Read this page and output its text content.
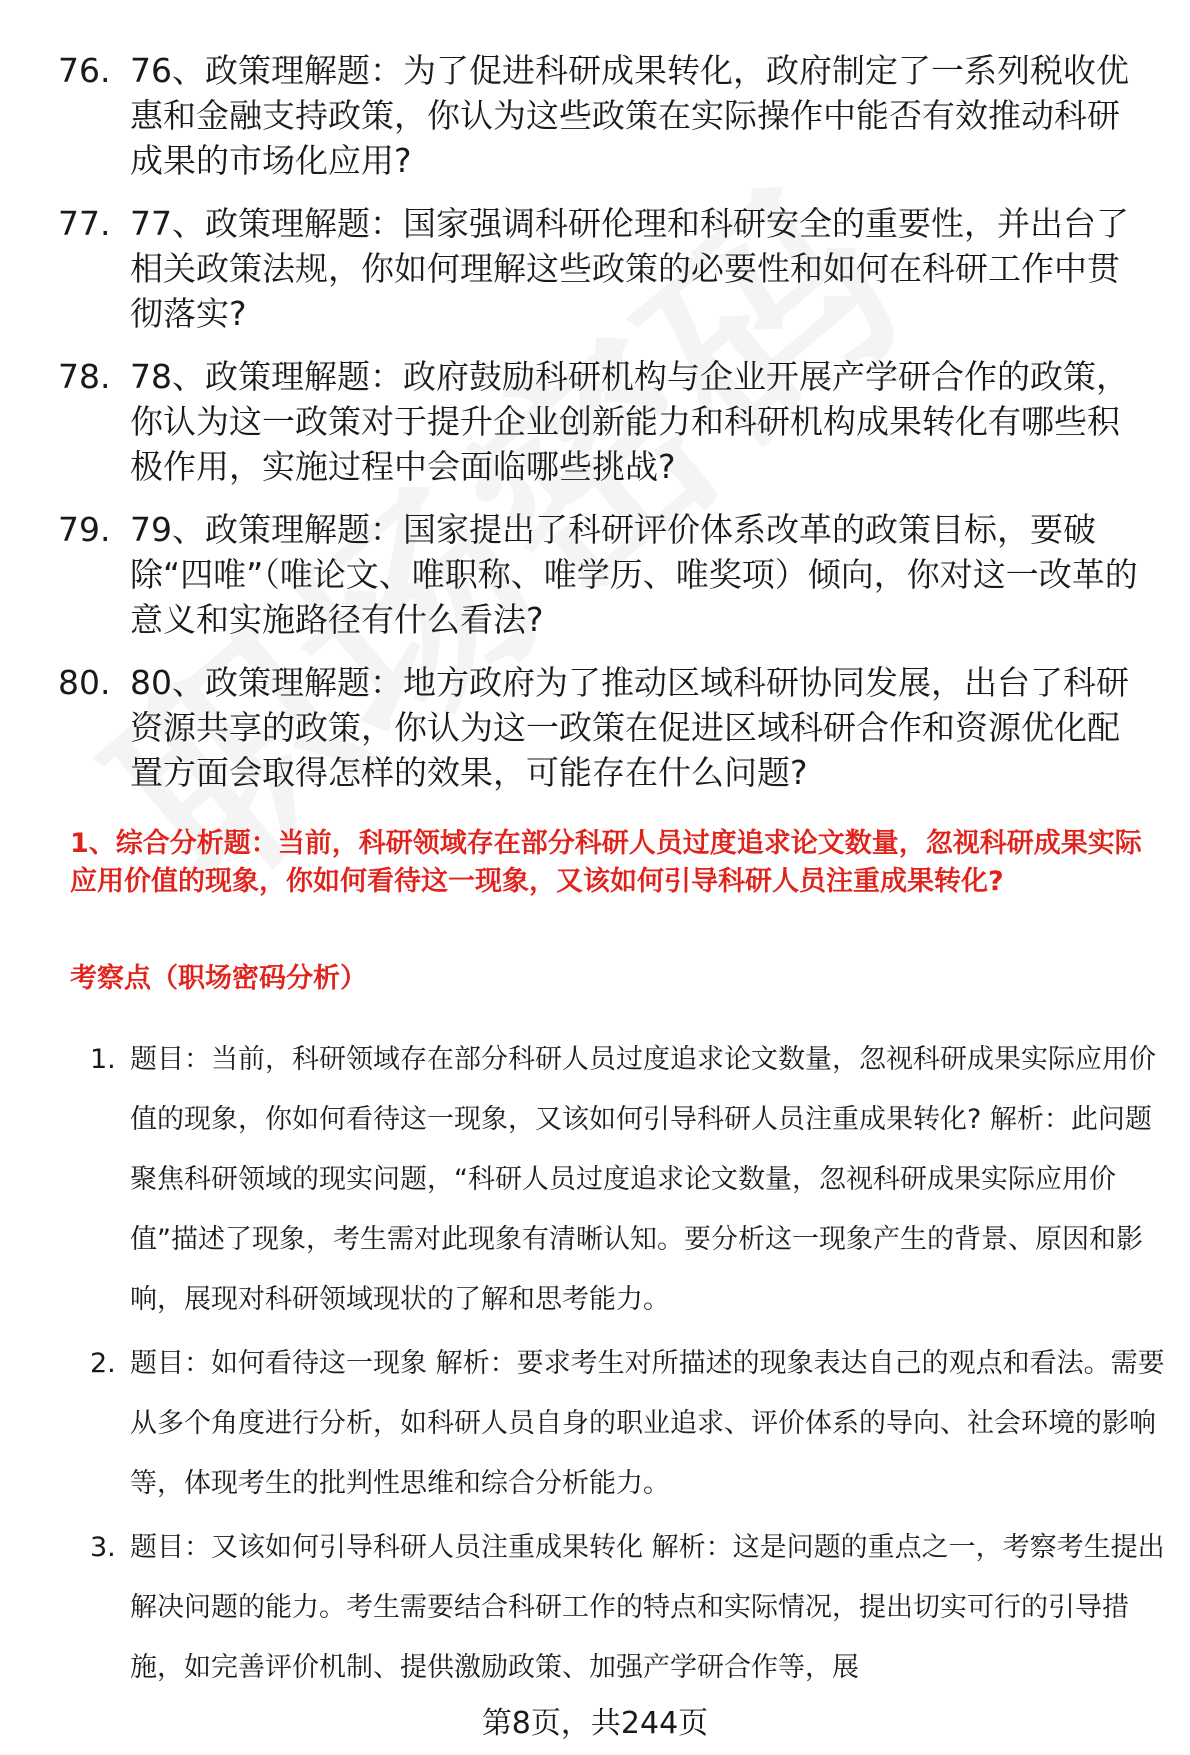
76. 76、政策理解题：为了促进科研成果转化，政府制定了一系列税收优惠和金融支持政策，你认为这些政策在实际操作中能否有效推动科研成果的市场化应用?
77. 77、政策理解题：国家强调科研伦理和科研安全的重要性，并出台了相关政策法规，你如何理解这些政策的必要性和如何在科研工作中贯彻落实?
78. 78、政策理解题：政府鼓励科研机构与企业开展产学研合作的政策，你认为这一政策对于提升企业创新能力和科研机构成果转化有哪些积极作用，实施过程中会面临哪些挑战?
79. 79、政策理解题：国家提出了科研评价体系改革的政策目标，要破除“四唯”（唯论文、唯职称、唯学历、唯奖项）倾向，你对这一改革的意义和实施路径有什么看法?
80. 80、政策理解题：地方政府为了推动区域科研协同发展，出台了科研资源共享的政策，你认为这一政策在促进区域科研合作和资源优化配置方面会取得怎样的效果，可能存在什么问题?
1、综合分析题：当前，科研领域存在部分科研人员过度追求论文数量，忽视科研成果实际应用价值的现象，你如何看待这一现象，又该如何引导科研人员注重成果转化?
考察点（职场密码分析）
1. 题目：当前，科研领域存在部分科研人员过度追求论文数量，忽视科研成果实际应用价值的现象，你如何看待这一现象，又该如何引导科研人员注重成果转化? 解析：此问题聚焦科研领域的现实问题，“科研人员过度追求论文数量，忽视科研成果实际应用价值”描述了现象，考生需对此现象有清晰认知。要分析这一现象产生的背景、原因和影响，展现对科研领域现状的了解和思考能力。
2. 题目：如何看待这一现象 解析：要求考生对所描述的现象表达自己的观点和看法。需要从多个角度进行分析，如科研人员自身的职业追求、评价体系的导向、社会环境的影响等，体现考生的批判性思维和综合分析能力。
3. 题目：又该如何引导科研人员注重成果转化 解析：这是问题的重点之一，考察考生提出解决问题的能力。考生需要结合科研工作的特点和实际情况，提出切实可行的引导措施，如完善评价机制、提供激励政策、加强产学研合作等，展
第8页，共244页
